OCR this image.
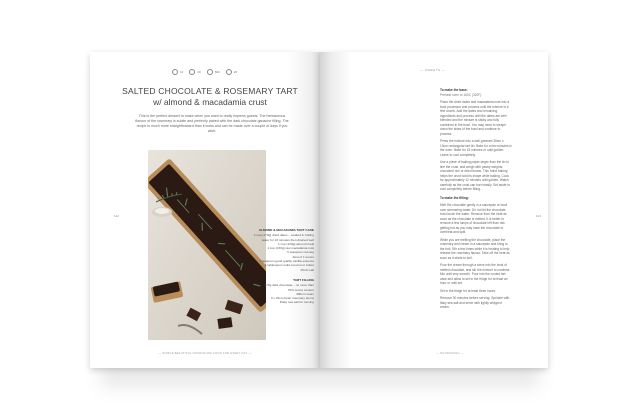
10	20	800	20
SALTED CHOCOLATE & ROSEMARY TART
w/ almond & macadamia crust
This is the perfect dessert to make when you want to really impress guests. The herbaceous flavour of the rosemary is subtle and perfectly paired with the dark chocolate ganache filling. The recipe is much more straightforward than it looks and can be made over a couple of days if you wish.
ALMOND & MACADAMIA TART CASE
1 cup (170g) dried dates – soaked in boiling
water for 10 minutes then drained well
1 cup (120g) almond meal
1 cup (130g) raw macadamia nuts
½ teaspoon nutmeg
Zest of 1 lemon
1 teaspoon good quality vanilla essence
1 tablespoon solid coconut or butter
Pinch salt
TART FILLING
170g dark chocolate – no more than
70% cocoa content
300ml cream
3 x 15cm fresh rosemary stems
Flaky sea salt for serving
112
— SIMPLE BEAUTIFUL NOURISHING FOOD FOR EVERY DAY —
— SWEETS —
To make the base:
Preheat oven to 160C (320F).
Place the dried dates and macadamia nuts into a food processor and process until the mixture is a fine crumb. Add the dates and remaining ingredients and process until the dates are well blended and the mixture is sticky and fully combined in the bowl. You may need to scrape down the sides of the bowl and continue to process.
Press the mixture into a well-greased 36cm x 13cm rectangular tart tin. Bake for a few minutes in the oven. Bake for 15 minutes or until golden. Leave to cool completely.
Use a piece of baking paper larger than the tin to line the crust, and weigh with pastry weights, uncooked rice or dried beans. This 'blind baking' helps the crust hold its shape while baking. Cook for approximately 12 minutes until golden. Watch carefully as the crust can burn easily. Set aside to cool completely before filling.
To make the filling:
Melt the chocolate gently in a saucepan or bowl over simmering water. Do not let the chocolate bowl touch the water. Remove from the heat as soon as the chocolate is melted. It is better to remove a few lumps of chocolate left than risk getting hot as you may have the chocolate to overheat and split.
While you are melting the chocolate, place the rosemary and cream in a saucepan and bring to the boil. Stir a few times while it is heating to help release the rosemary flavour. Take off the heat as soon as it starts to boil.
Pour the cream through a sieve into the bowl of melted chocolate, and stir the mixture to combine. Mix until very smooth. Pour into the cooled tart case and allow to set in the fridge for at least an hour or until set.
Set in the fridge for at least three hours.
Remove 30 minutes before serving. Sprinkle with flaky sea salt and serve with lightly whipped cream.
113
— NOURISHING —
